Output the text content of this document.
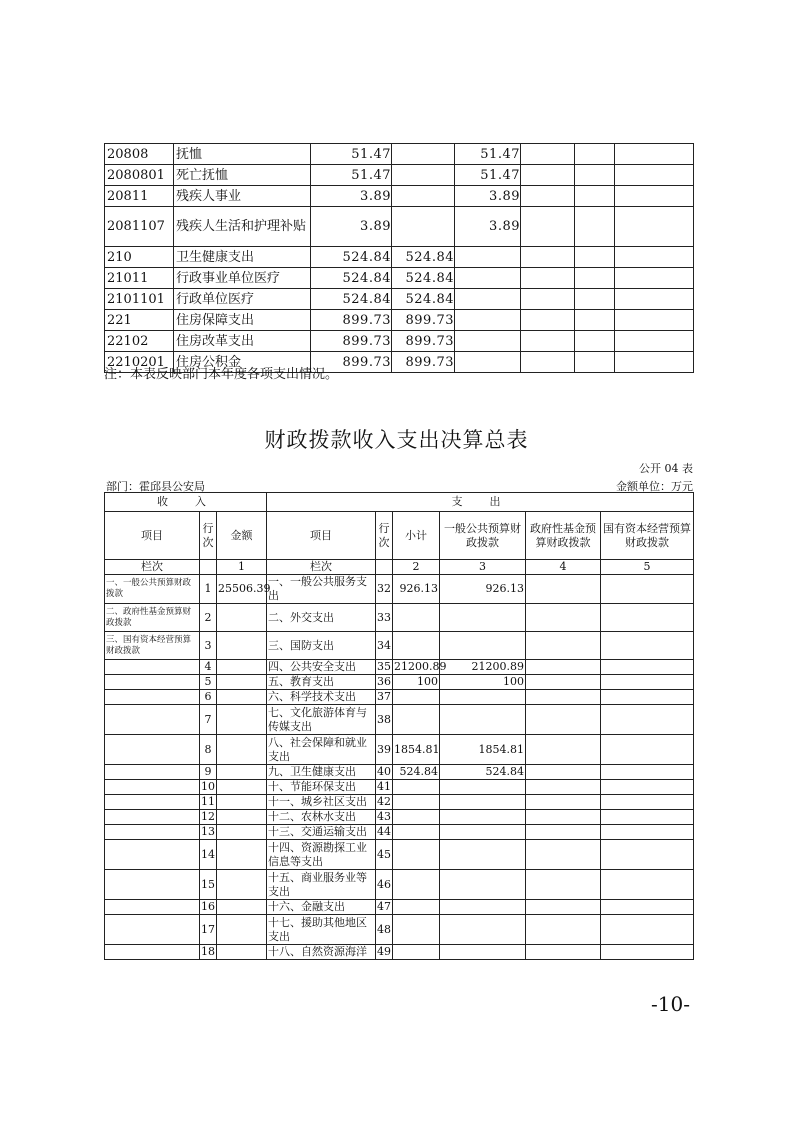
20808	抚恤	51.47		51.47			
2080801	死亡抚恤	51.47		51.47			
20811	残疾人事业	3.89		3.89			
2081107	残疾人生活和护理补贴	3.89		3.89			
210	卫生健康支出	524.84	524.84				
21011	行政事业单位医疗	524.84	524.84				
2101101	行政单位医疗	524.84	524.84				
221	住房保障支出	899.73	899.73				
22102	住房改革支出	899.73	899.73				
2210201	住房公积金	899.73	899.73				
注：本表反映部门本年度各项支出情况。
财政拨款收入支出决算总表
公开 04 表
部门：霍邱县公安局	金额单位：万元
收　入			支　出					
项目	行次	金额	项目	行次	小计	一般公共预算财政拨款	政府性基金预算财政拨款	国有资本经营预算财政拨款
栏次		1	栏次		2	3	4	5
一、一般公共预算财政拨款	1	25506.39	一、一般公共服务支出	32	926.13	926.13		
二、政府性基金预算财政拨款	2		二、外交支出	33				
三、国有资本经营预算财政拨款	3		三、国防支出	34				
	4		四、公共安全支出	35	21200.89	21200.89		
	5		五、教育支出	36	100	100		
	6		六、科学技术支出	37				
	7		七、文化旅游体育与传媒支出	38				
	8		八、社会保障和就业支出	39	1854.81	1854.81		
	9		九、卫生健康支出	40	524.84	524.84		
	10		十、节能环保支出	41				
	11		十一、城乡社区支出	42				
	12		十二、农林水支出	43				
	13		十三、交通运输支出	44				
	14		十四、资源勘探工业信息等支出	45				
	15		十五、商业服务业等支出	46				
	16		十六、金融支出	47				
	17		十七、援助其他地区支出	48				
	18		十八、自然资源海洋	49				
-10-
